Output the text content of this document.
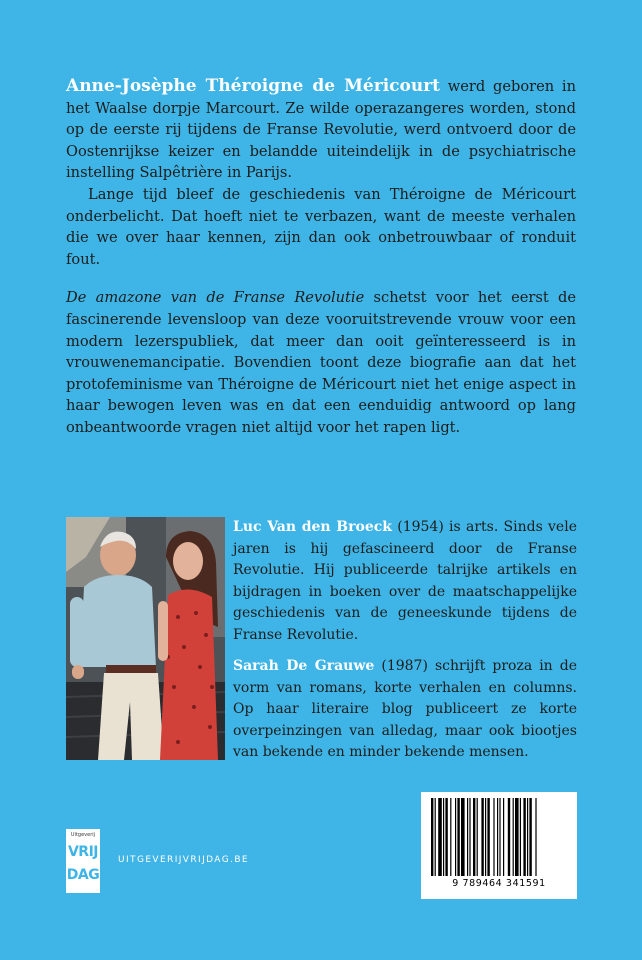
Anne-Josèphe Théroigne de Méricourt werd geboren in het Waalse dorpje Marcourt. Ze wilde operazangeres worden, stond op de eerste rij tijdens de Franse Revolutie, werd ontvoerd door de Oostenrijkse keizer en belandde uiteindelijk in de psychiatrische instelling Salpêtrière in Parijs.

Lange tijd bleef de geschiedenis van Théroigne de Méricourt onderbelicht. Dat hoeft niet te verbazen, want de meeste verhalen die we over haar kennen, zijn dan ook onbetrouwbaar of ronduit fout.

De amazone van de Franse Revolutie schetst voor het eerst de fascinerende levensloop van deze vooruitstrevende vrouw voor een modern lezerspubliek, dat meer dan ooit geïnteresseerd is in vrouwenemancipatie. Bovendien toont deze biografie aan dat het protofeminisme van Théroigne de Méricourt niet het enige aspect in haar bewogen leven was en dat een eenduidig antwoord op lang onbeantwoorde vragen niet altijd voor het rapen ligt.

Luc Van den Broeck (1954) is arts. Sinds vele jaren is hij gefascineerd door de Franse Revolutie. Hij publiceerde talrijke artikels en bijdragen in boeken over de maatschappelijke geschiedenis van de geneeskunde tijdens de Franse Revolutie.

Sarah De Grauwe (1987) schrijft proza in de vorm van romans, korte verhalen en columns. Op haar literaire blog publiceert ze korte overpeinzingen van alledag, maar ook biootjes van bekende en minder bekende mensen.

Uitgeverij
VRIJ
DAG
UITGEVERIJVRIJDAG.BE
9 789464 341591
